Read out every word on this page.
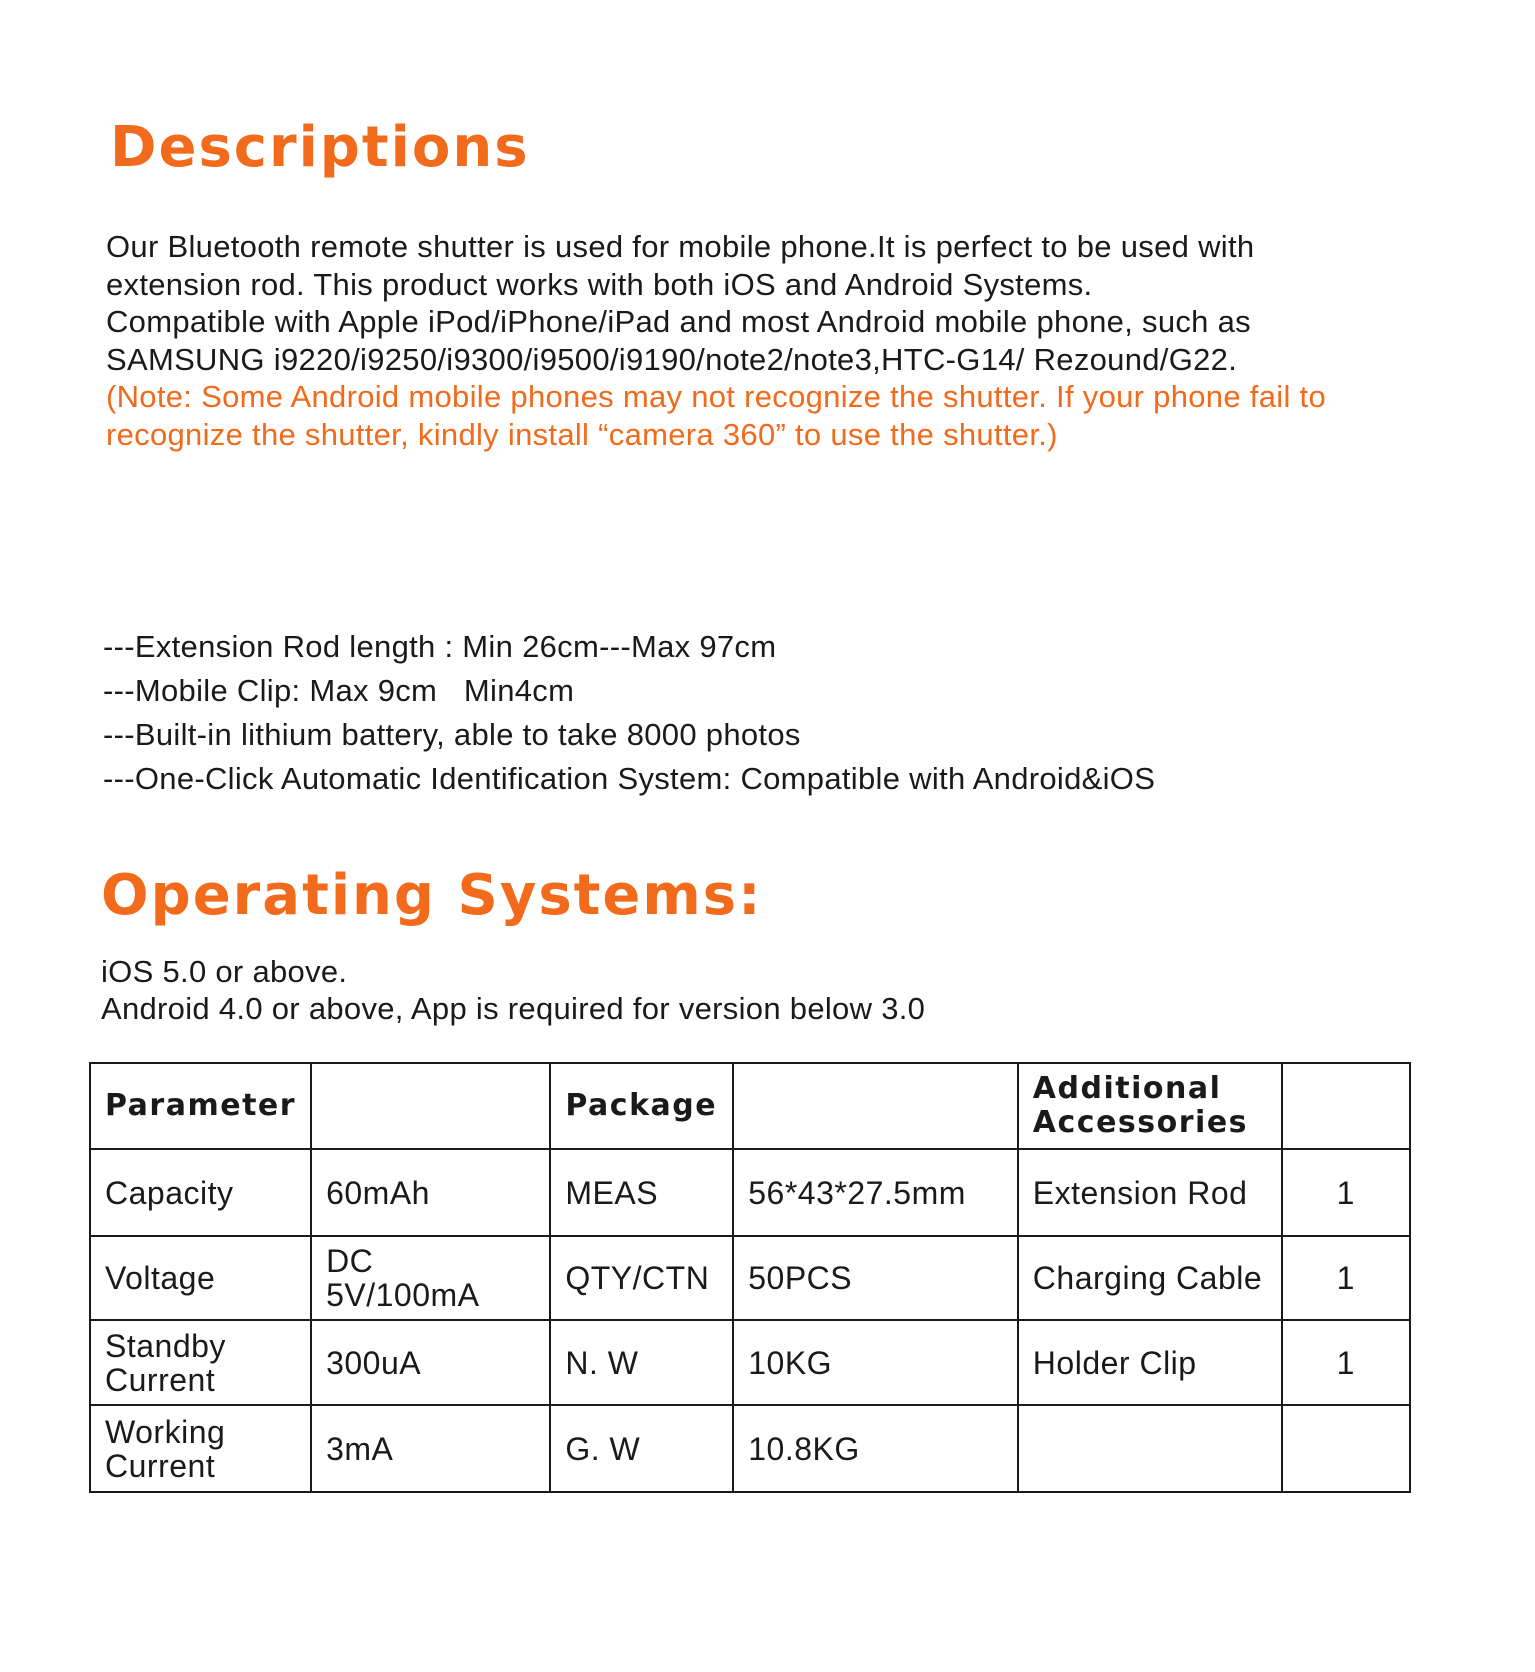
Descriptions

Our Bluetooth remote shutter is used for mobile phone.It is perfect to be used with extension rod. This product works with both iOS and Android Systems.

Compatible with Apple iPod/iPhone/iPad and most Android mobile phone, such as SAMSUNG i9220/i9250/i9300/i9500/i9190/note2/note3,HTC-G14/ Rezound/G22.

(Note: Some Android mobile phones may not recognize the shutter. If your phone fail to recognize the shutter, kindly install “camera 360” to use the shutter.)

---Extension Rod length : Min 26cm---Max 97cm
---Mobile Clip: Max 9cm   Min4cm
---Built-in lithium battery, able to take 8000 photos
---One-Click Automatic Identification System: Compatible with Android&iOS
Operating Systems:
iOS 5.0 or above.
Android 4.0 or above, App is required for version below 3.0
Parameter		Package		Additional Accessories	
Capacity	60mAh	MEAS	56*43*27.5mm	Extension Rod	1
Voltage	DC 5V/100mA	QTY/CTN	50PCS	Charging Cable	1
Standby Current	300uA	N. W	10KG	Holder Clip	1
Working Current	3mA	G. W	10.8KG		
